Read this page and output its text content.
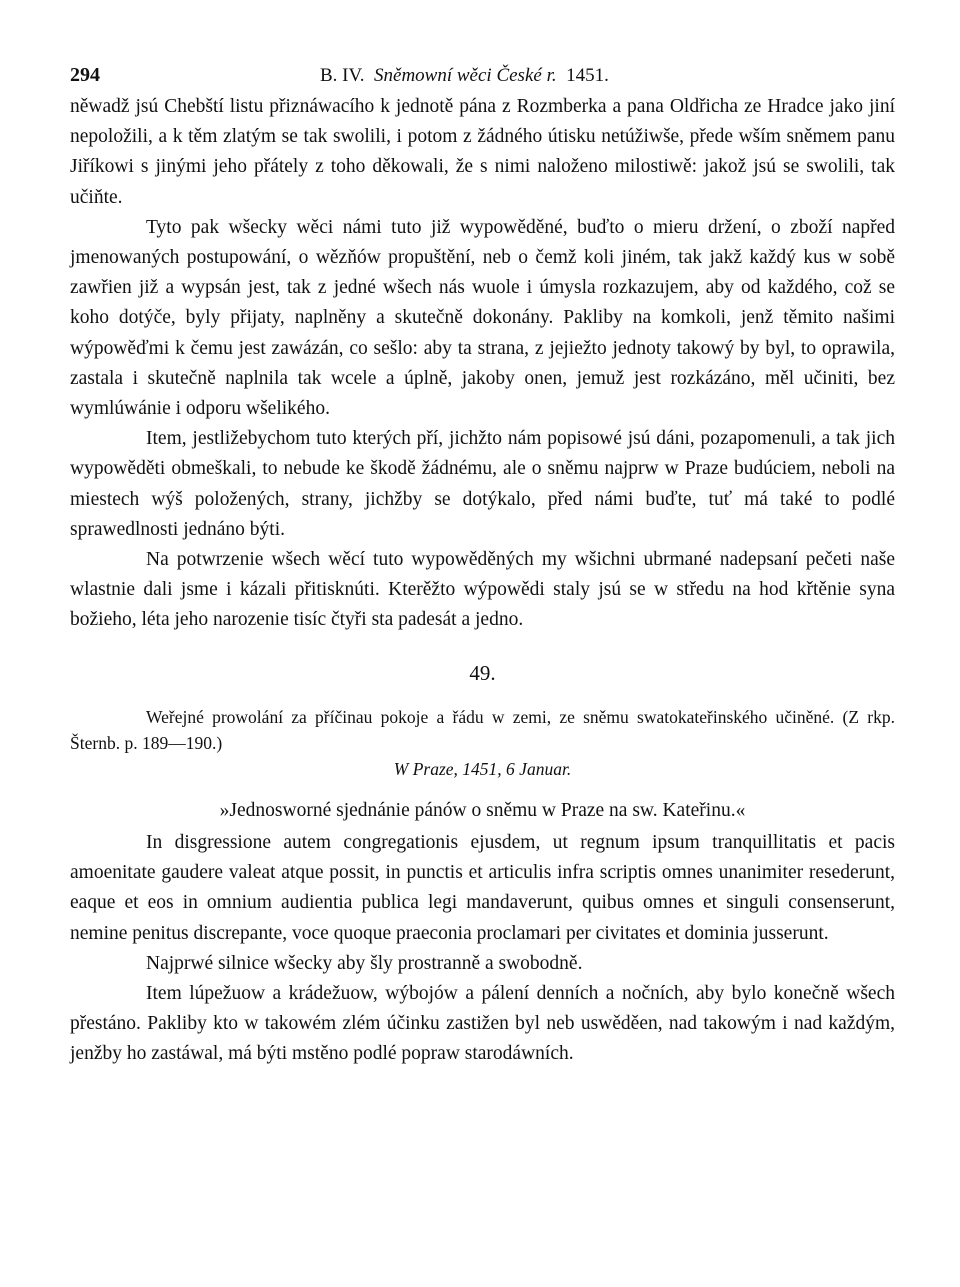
294	B. IV. Sněmowní wěci České r. 1451.

něwadž jsú Chebští listu přiznáwacího k jednotě pána z Rozmberka a pana Oldřicha ze Hradce jako jiní nepoložili, a k těm zlatým se tak swolili, i potom z žádného útisku netúžiwše, přede wším sněmem panu Jiříkowi s jinými jeho přátely z toho děkowali, že s nimi naloženo milostiwě: jakož jsú se swolili, tak učiňte.

Tyto pak wšecky wěci námi tuto již wypowěděné, buďto o mieru držení, o zboží napřed jmenowaných postupowání, o wězňów propuštění, neb o čemž koli jiném, tak jakž každý kus w sobě zawřien již a wypsán jest, tak z jedné wšech nás wuole i úmysla rozkazujem, aby od každého, což se koho dotýče, byly přijaty, naplněny a skutečně dokonány. Pakliby na komkoli, jenž těmito našimi wýpowěďmi k čemu jest zawázán, co sešlo: aby ta strana, z jejiežto jednoty takowý by byl, to oprawila, zastala i skutečně naplnila tak wcele a úplně, jakoby onen, jemuž jest rozkázáno, měl učiniti, bez wymlúwánie i odporu wšelikého.

Item, jestližebychom tuto kterých pří, jichžto nám popisowé jsú dáni, pozapomenuli, a tak jich wypowěděti obmeškali, to nebude ke škodě žádnému, ale o sněmu najprw w Praze budúciem, neboli na miestech wýš položených, strany, jichžby se dotýkalo, před námi buďte, tuť má také to podlé sprawedlnosti jednáno býti.

Na potwrzenie wšech wěcí tuto wypowěděných my wšichni ubrmané nadepsaní pečeti naše wlastnie dali jsme i kázali přitisknúti. Kterěžto wýpowědi staly jsú se w středu na hod křtěnie syna božieho, léta jeho narozenie tisíc čtyři sta padesát a jedno.

49.

Weřejné prowolání za příčinau pokoje a řádu w zemi, ze sněmu swatokateřinského učiněné. (Z rkp. Šternb. p. 189—190.)

W Praze, 1451, 6 Januar.
»Jednosworné sjednánie pánów o sněmu w Praze na sw. Kateřinu.«

In disgressione autem congregationis ejusdem, ut regnum ipsum tranquillitatis et pacis amoenitate gaudere valeat atque possit, in punctis et articulis infra scriptis omnes unanimiter resederunt, eaque et eos in omnium audientia publica legi mandaverunt, quibus omnes et singuli consenserunt, nemine penitus discrepante, voce quoque praeconia proclamari per civitates et dominia jusserunt.

Najprwé silnice wšecky aby šly prostranně a swobodně.

Item lúpežuow a krádežuow, wýbojów a pálení denních a nočních, aby bylo konečně wšech přestáno. Pakliby kto w takowém zlém účinku zastižen byl neb uswěděen, nad takowým i nad každým, jenžby ho zastáwal, má býti mstěno podlé popraw starodáwních.
